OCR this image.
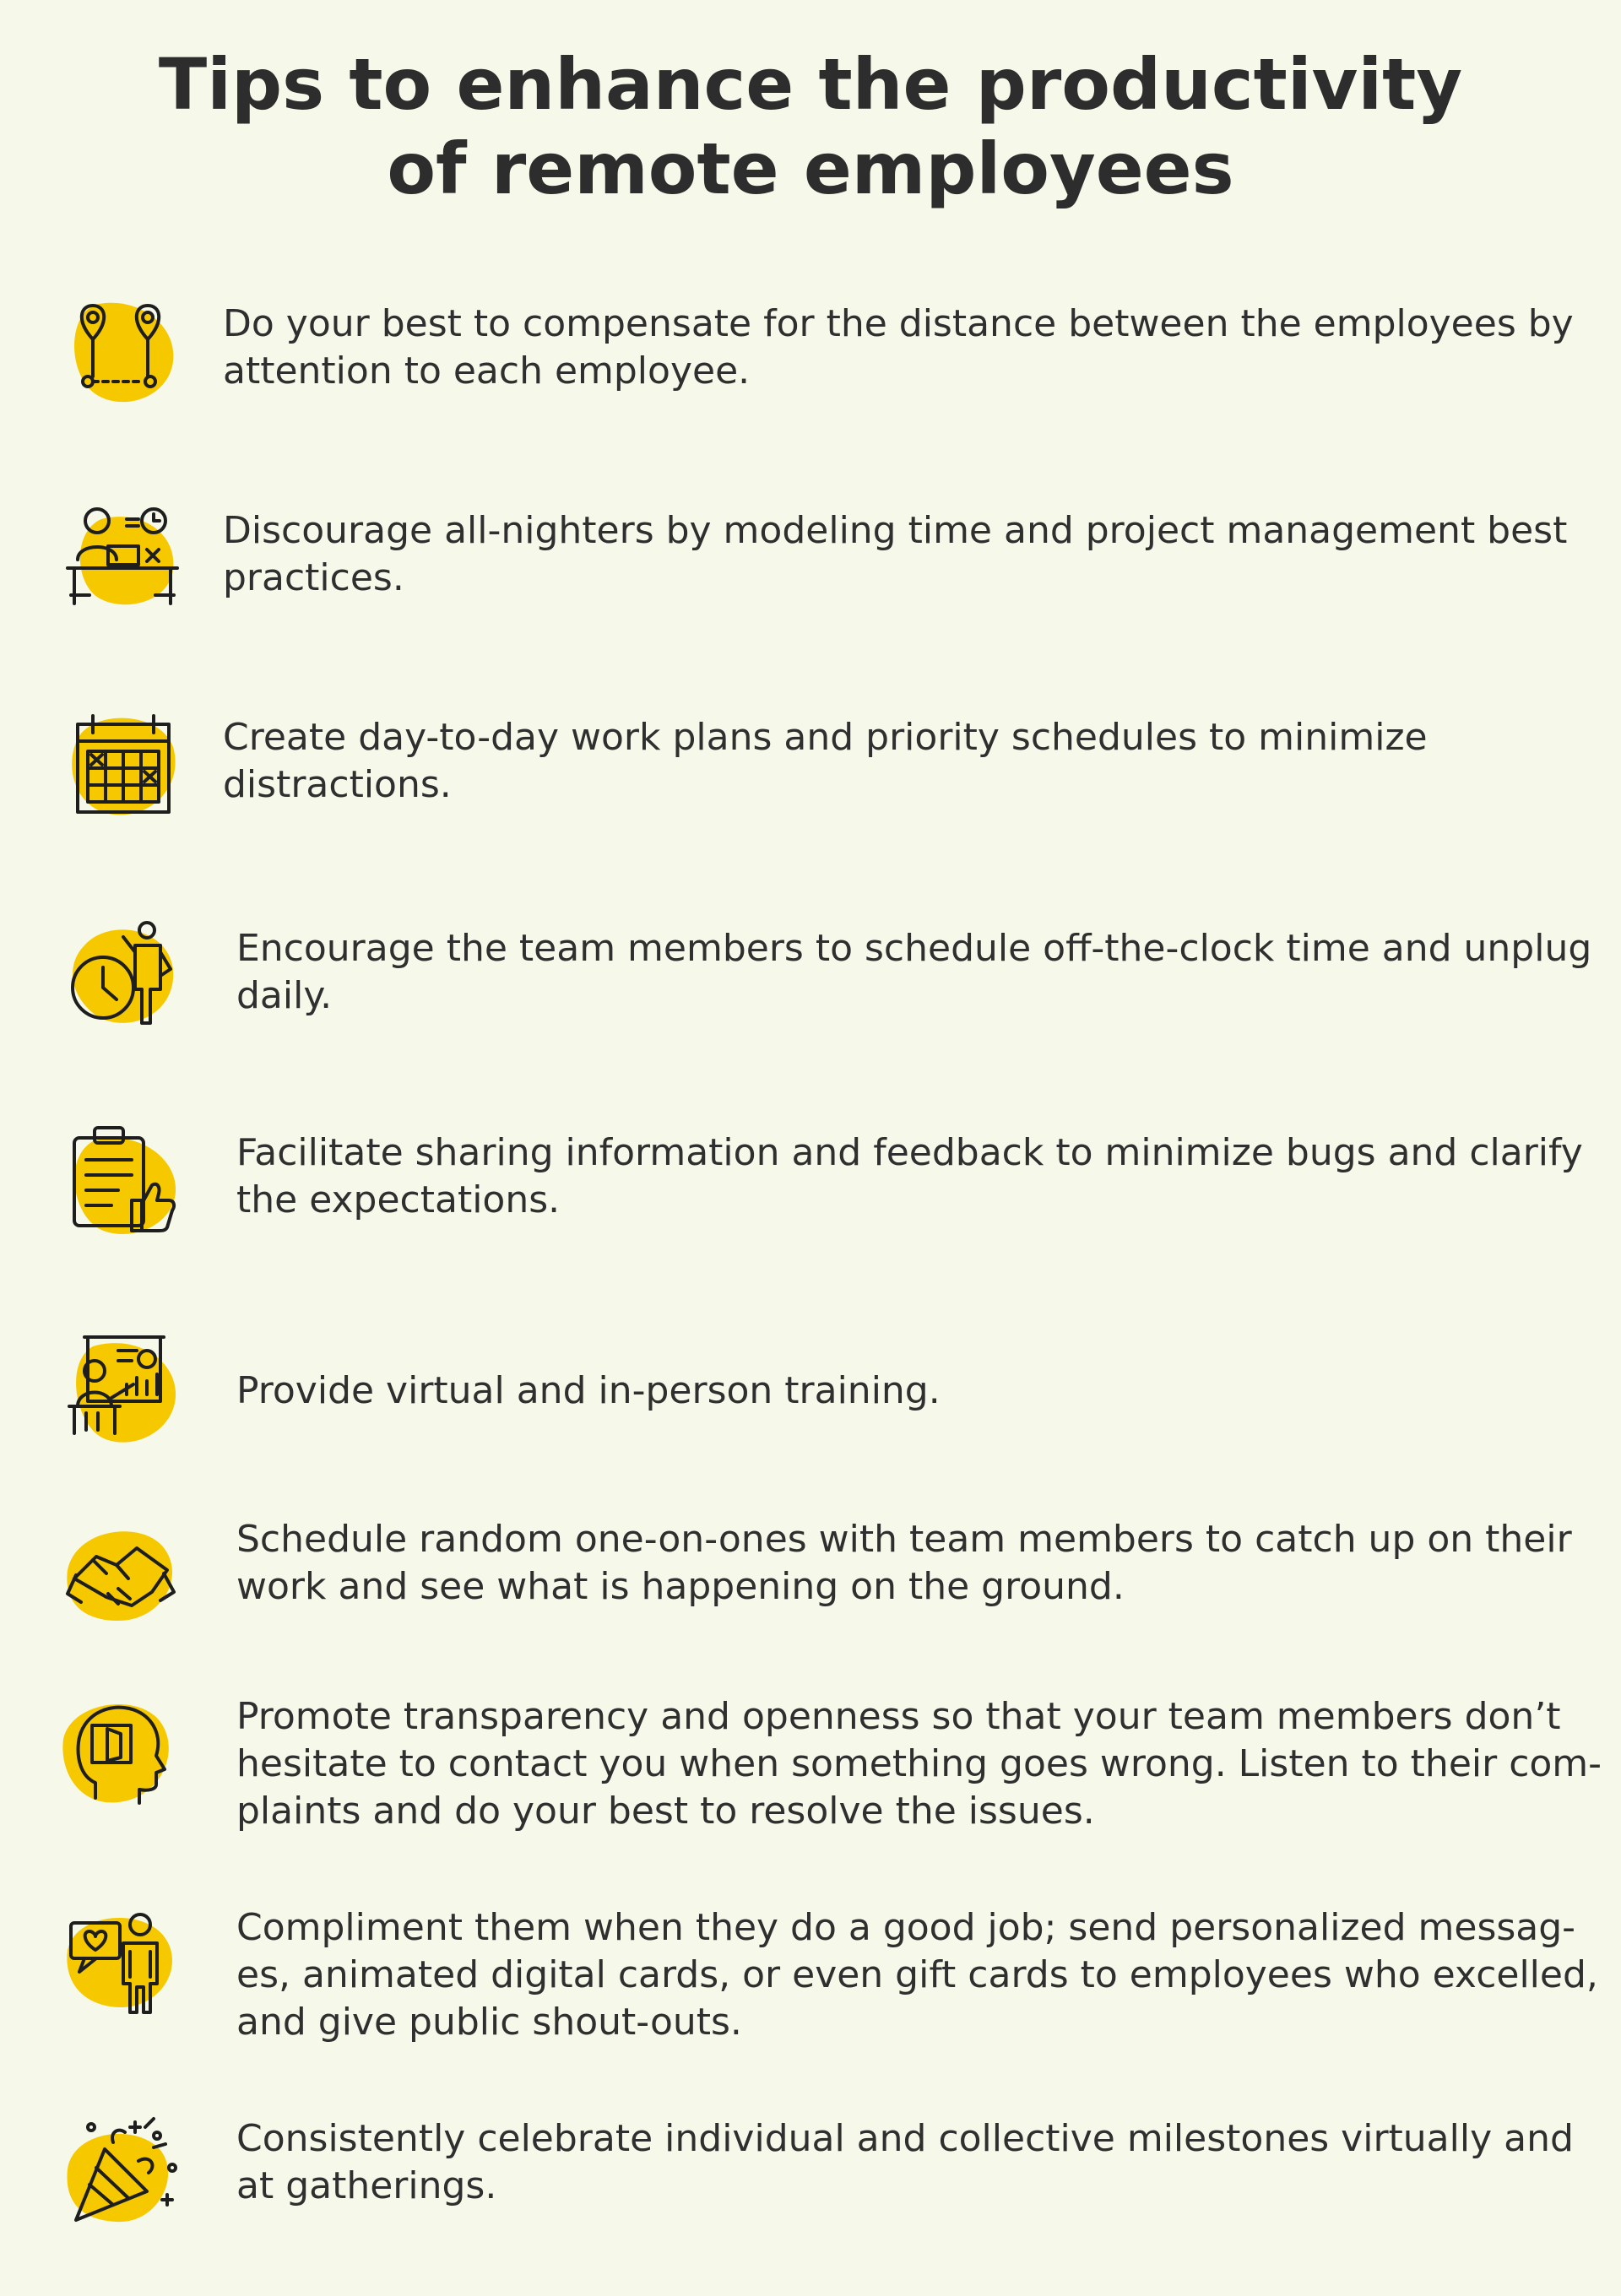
Tips to enhance the productivity
of remote employees
Do your best to compensate for the distance between the employees by attention to each employee.
Discourage all-nighters by modeling time and project management best practices.
Create day-to-day work plans and priority schedules to minimize distractions.
Encourage the team members to schedule off-the-clock time and unplug daily.
Facilitate sharing information and feedback to minimize bugs and clarify the expectations.
Provide virtual and in-person training.
Schedule random one-on-ones with team members to catch up on their work and see what is happening on the ground.
Promote transparency and openness so that your team members don’t hesitate to contact you when something goes wrong. Listen to their com-plaints and do your best to resolve the issues.
Compliment them when they do a good job; send personalized messag-es, animated digital cards, or even gift cards to employees who excelled, and give public shout-outs.
Consistently celebrate individual and collective milestones virtually and at gatherings.
